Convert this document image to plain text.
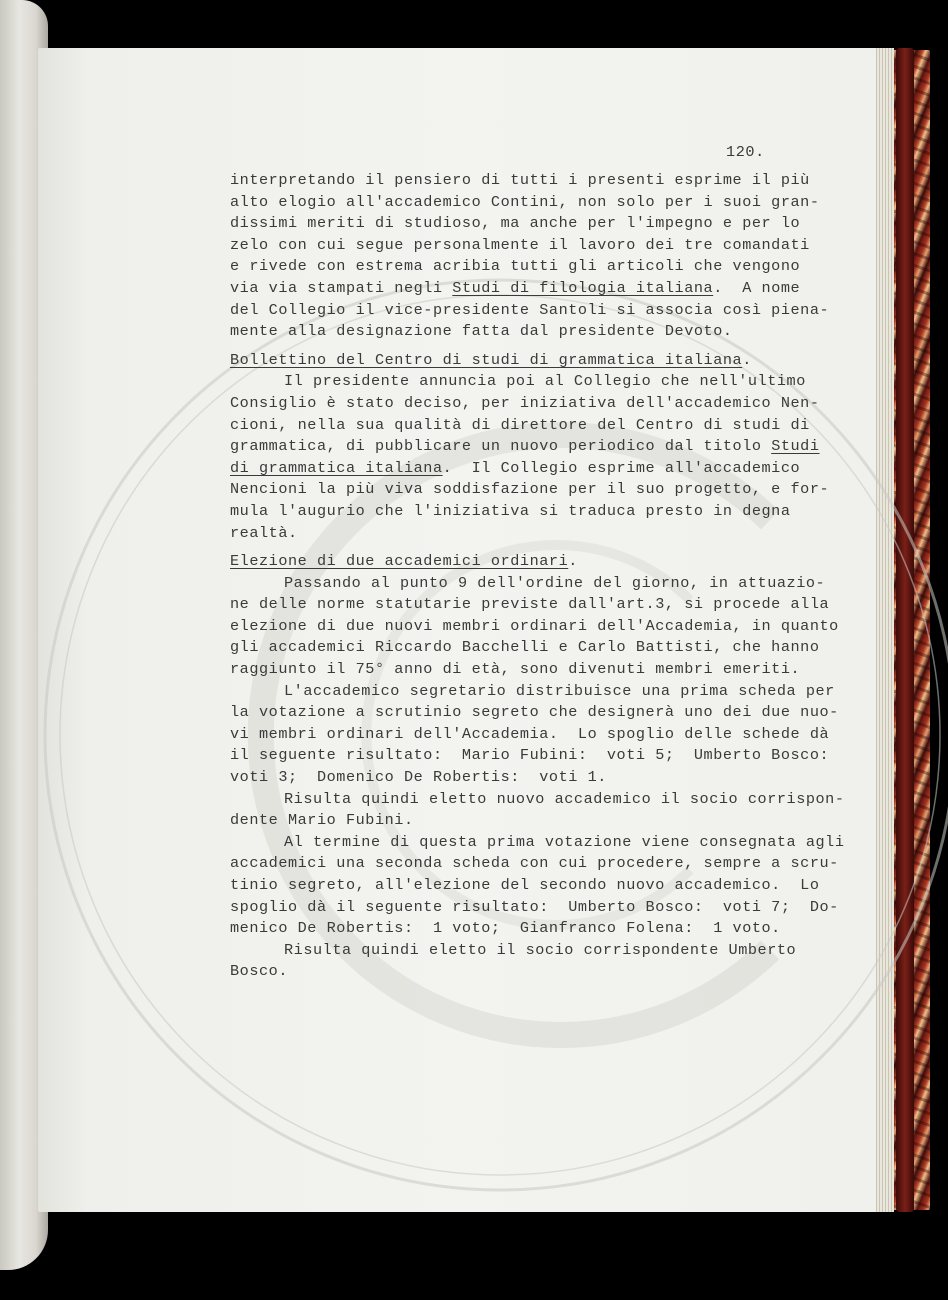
120.
interpretando il pensiero di tutti i presenti esprime il più
alto elogio all'accademico Contini, non solo per i suoi gran-
dissimi meriti di studioso, ma anche per l'impegno e per lo
zelo con cui segue personalmente il lavoro dei tre comandati
e rivede con estrema acribia tutti gli articoli che vengono
via via stampati negli Studi di filologia italiana.  A nome
del Collegio il vice-presidente Santoli si associa così piena-
mente alla designazione fatta dal presidente Devoto.
Bollettino del Centro di studi di grammatica italiana.
Il presidente annuncia poi al Collegio che nell'ultimo
Consiglio è stato deciso, per iniziativa dell'accademico Nen-
cioni, nella sua qualità di direttore del Centro di studi di
grammatica, di pubblicare un nuovo periodico dal titolo Studi
di grammatica italiana.  Il Collegio esprime all'accademico
Nencioni la più viva soddisfazione per il suo progetto, e for-
mula l'augurio che l'iniziativa si traduca presto in degna
realtà.
Elezione di due accademici ordinari.
Passando al punto 9 dell'ordine del giorno, in attuazio-
ne delle norme statutarie previste dall'art.3, si procede alla
elezione di due nuovi membri ordinari dell'Accademia, in quanto
gli accademici Riccardo Bacchelli e Carlo Battisti, che hanno
raggiunto il 75° anno di età, sono divenuti membri emeriti.
L'accademico segretario distribuisce una prima scheda per
la votazione a scrutinio segreto che designerà uno dei due nuo-
vi membri ordinari dell'Accademia.  Lo spoglio delle schede dà
il seguente risultato:  Mario Fubini:  voti 5;  Umberto Bosco:
voti 3;  Domenico De Robertis:  voti 1.
Risulta quindi eletto nuovo accademico il socio corrispon-
dente Mario Fubini.
Al termine di questa prima votazione viene consegnata agli
accademici una seconda scheda con cui procedere, sempre a scru-
tinio segreto, all'elezione del secondo nuovo accademico.  Lo
spoglio dà il seguente risultato:  Umberto Bosco:  voti 7;  Do-
menico De Robertis:  1 voto;  Gianfranco Folena:  1 voto.
Risulta quindi eletto il socio corrispondente Umberto
Bosco.
